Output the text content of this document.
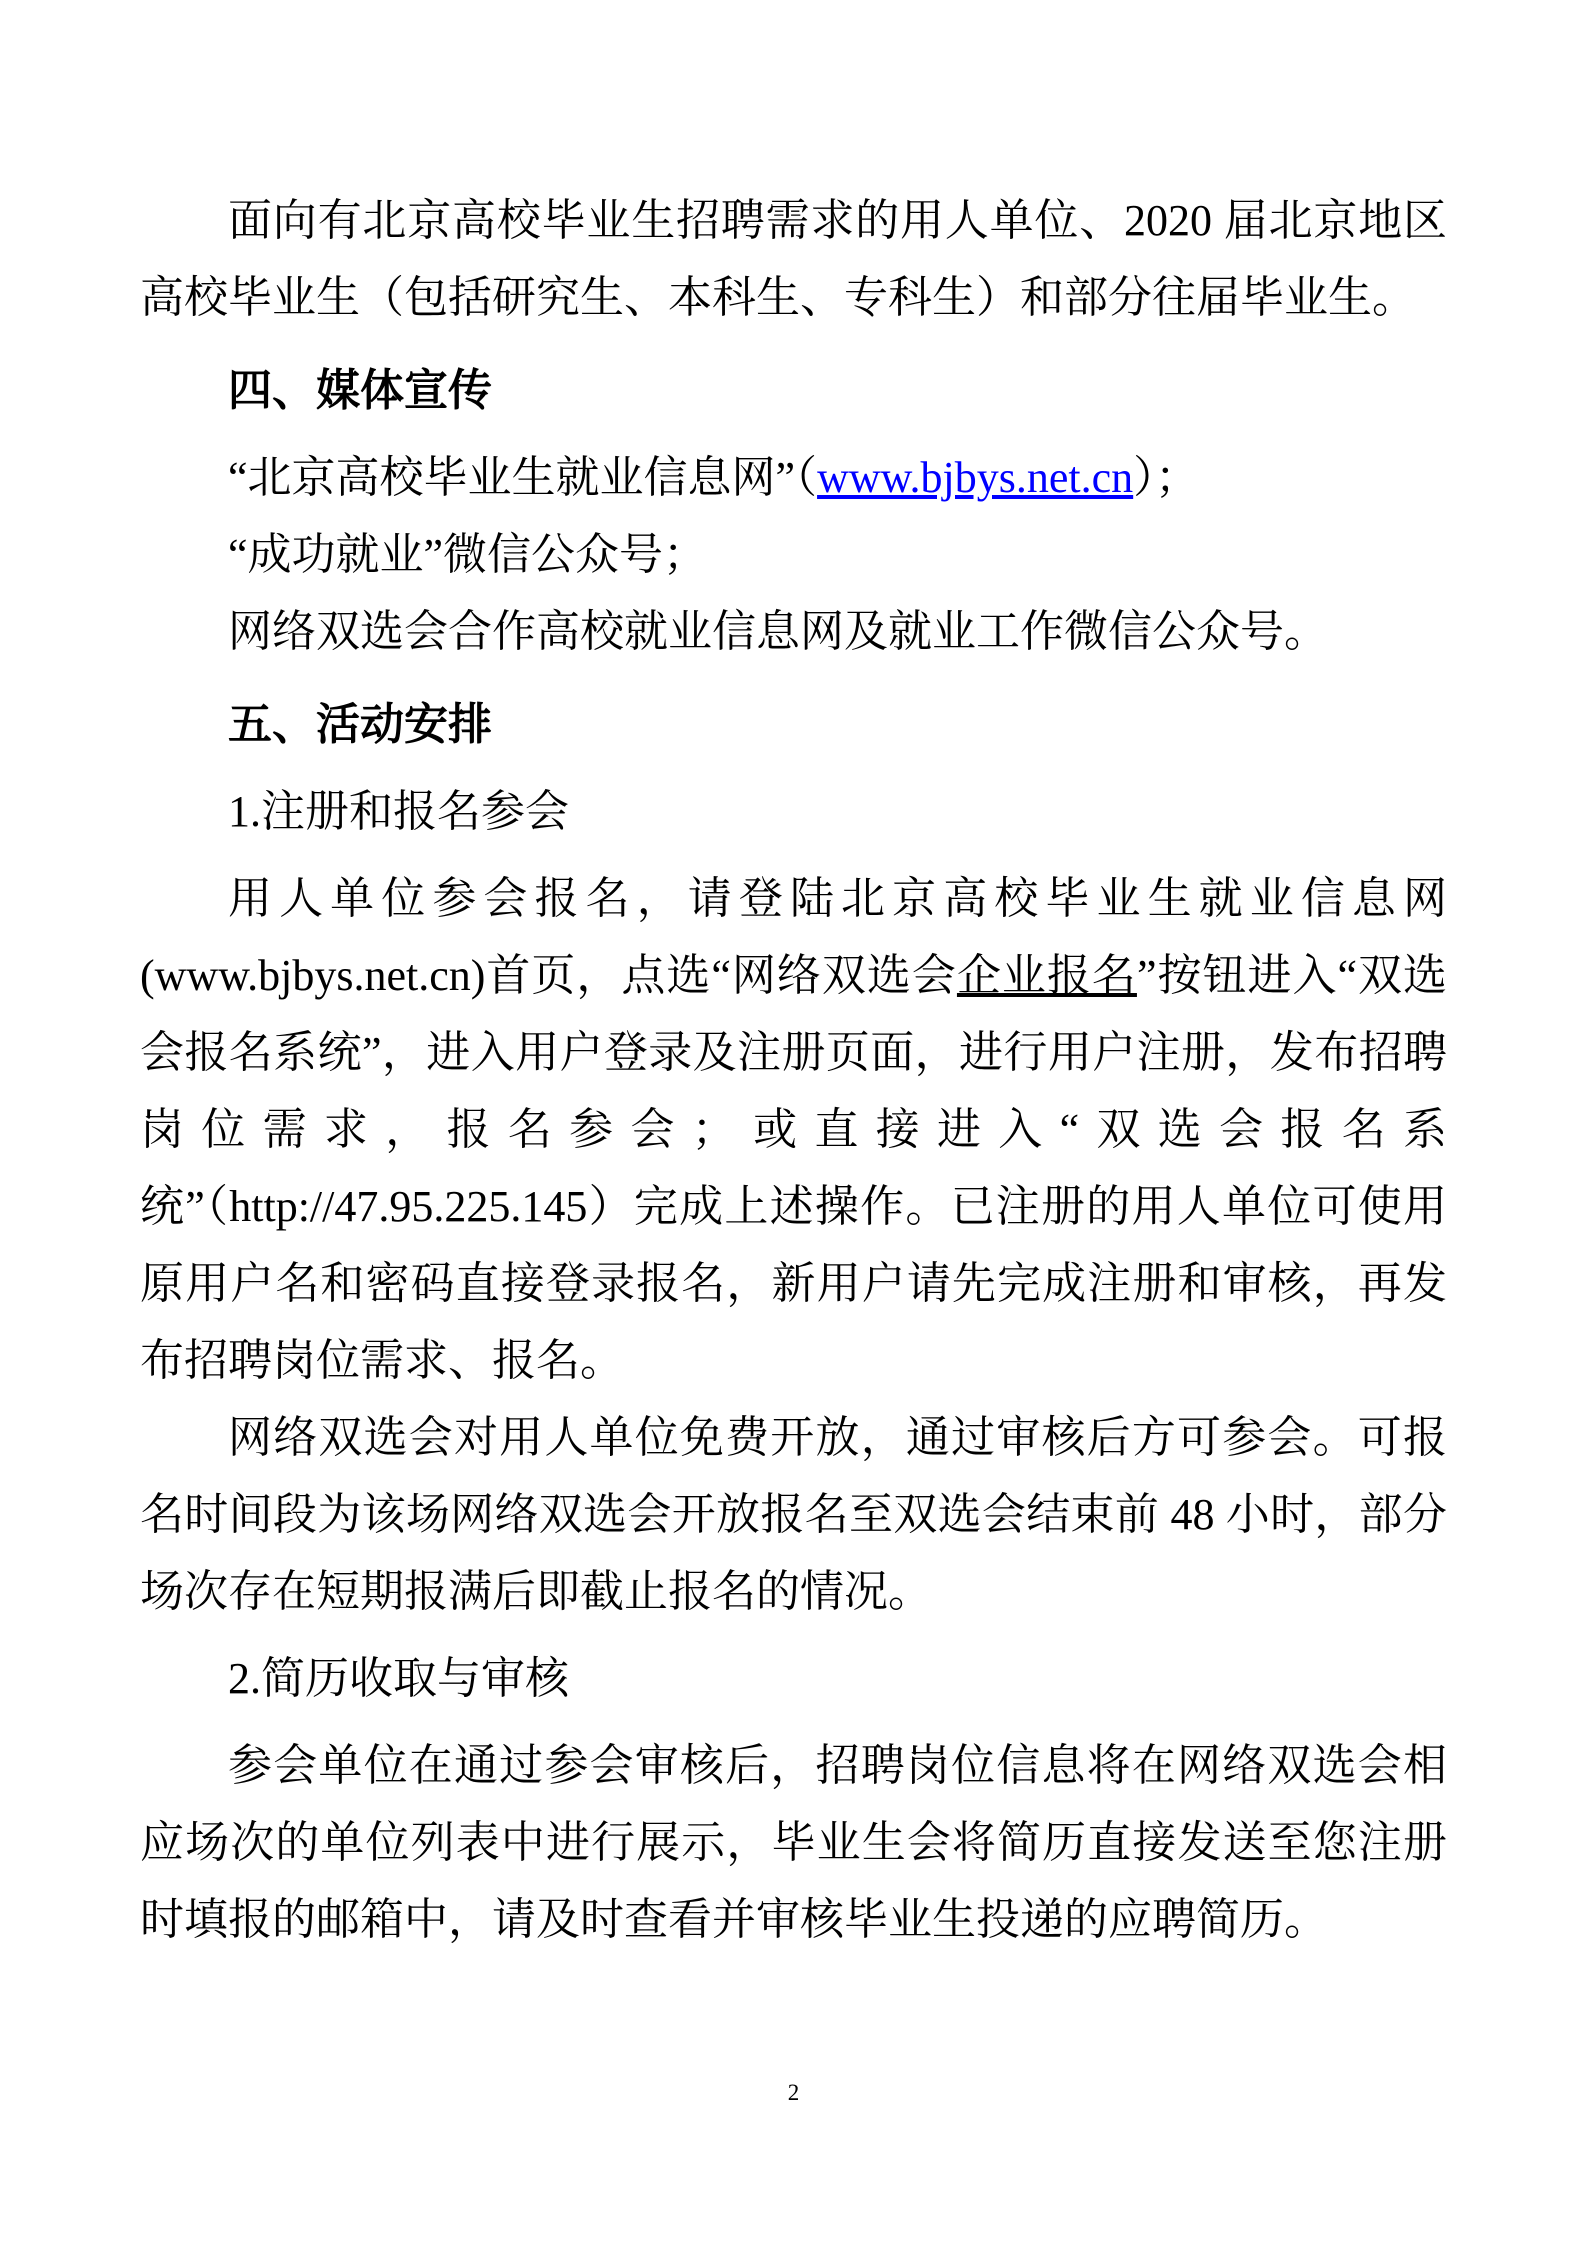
面向有北京高校毕业生招聘需求的用人单位、2020 届北京地区高校毕业生（包括研究生、本科生、专科生）和部分往届毕业生。

四、媒体宣传

“北京高校毕业生就业信息网”（www.bjbys.net.cn）；

“成功就业”微信公众号；

网络双选会合作高校就业信息网及就业工作微信公众号。

五、活动安排

1.注册和报名参会

用人单位参会报名，请登陆北京高校毕业生就业信息网(www.bjbys.net.cn)首页，点选“网络双选会企业报名”按钮进入“双选会报名系统”，进入用户登录及注册页面，进行用户注册，发布招聘岗位需求，报名参会；或直接进入“双选会报名系统”（http://47.95.225.145）完成上述操作。已注册的用人单位可使用原用户名和密码直接登录报名，新用户请先完成注册和审核，再发布招聘岗位需求、报名。

网络双选会对用人单位免费开放，通过审核后方可参会。可报名时间段为该场网络双选会开放报名至双选会结束前 48 小时，部分场次存在短期报满后即截止报名的情况。

2.简历收取与审核

参会单位在通过参会审核后，招聘岗位信息将在网络双选会相应场次的单位列表中进行展示，毕业生会将简历直接发送至您注册时填报的邮箱中，请及时查看并审核毕业生投递的应聘简历。

2
